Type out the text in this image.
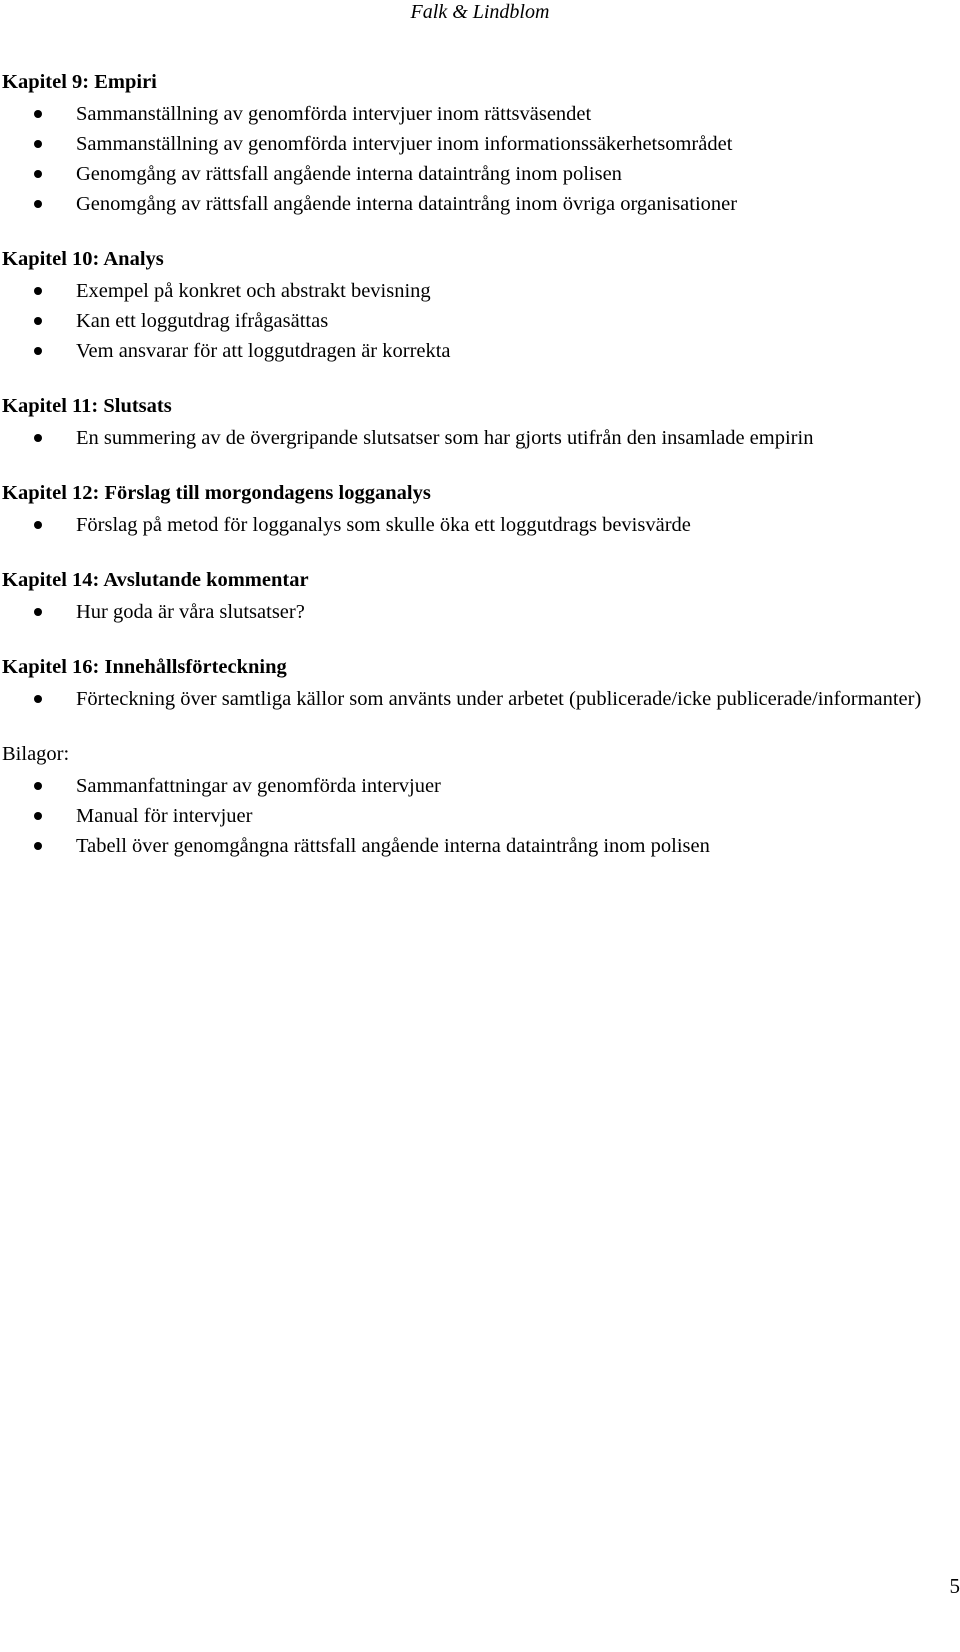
Falk & Lindblom
Kapitel 9: Empiri
Sammanställning av genomförda intervjuer inom rättsväsendet
Sammanställning av genomförda intervjuer inom informationssäkerhetsområdet
Genomgång av rättsfall angående interna dataintrång inom polisen
Genomgång av rättsfall angående interna dataintrång inom övriga organisationer
Kapitel 10: Analys
Exempel på konkret och abstrakt bevisning
Kan ett loggutdrag ifrågasättas
Vem ansvarar för att loggutdragen är korrekta
Kapitel 11: Slutsats
En summering av de övergripande slutsatser som har gjorts utifrån den insamlade empirin
Kapitel 12: Förslag till morgondagens logganalys
Förslag på metod för logganalys som skulle öka ett loggutdrags bevisvärde
Kapitel 14: Avslutande kommentar
Hur goda är våra slutsatser?
Kapitel 16: Innehållsförteckning
Förteckning över samtliga källor som använts under arbetet (publicerade/icke publicerade/informanter)
Bilagor:
Sammanfattningar av genomförda intervjuer
Manual för intervjuer
Tabell över genomgångna rättsfall angående interna dataintrång inom polisen
5
